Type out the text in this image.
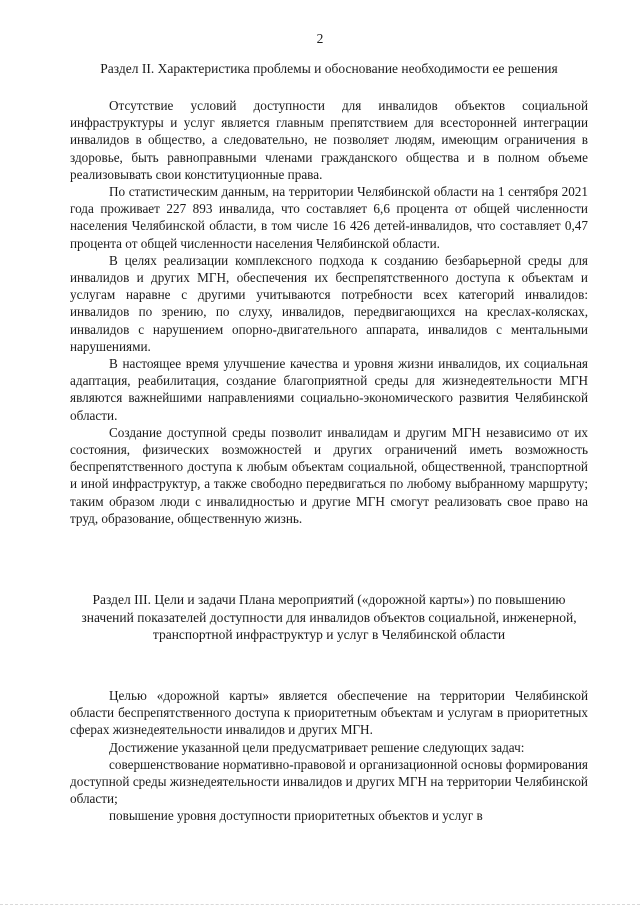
2
Раздел II. Характеристика проблемы и обоснование необходимости ее решения

Отсутствие условий доступности для инвалидов объектов социальной инфраструктуры и услуг является главным препятствием для всесторонней интеграции инвалидов в общество, а следовательно, не позволяет людям, имеющим ограничения в здоровье, быть равноправными членами гражданского общества и в полном объеме реализовывать свои конституционные права.

По статистическим данным, на территории Челябинской области на 1 сентября 2021 года проживает 227 893 инвалида, что составляет 6,6 процента от общей численности населения Челябинской области, в том числе 16 426 детей-инвалидов, что составляет 0,47 процента от общей численности населения Челябинской области.

В целях реализации комплексного подхода к созданию безбарьерной среды для инвалидов и других МГН, обеспечения их беспрепятственного доступа к объектам и услугам наравне с другими учитываются потребности всех категорий инвалидов: инвалидов по зрению, по слуху, инвалидов, передвигающихся на креслах-колясках, инвалидов с нарушением опорно-двигательного аппарата, инвалидов с ментальными нарушениями.

В настоящее время улучшение качества и уровня жизни инвалидов, их социальная адаптация, реабилитация, создание благоприятной среды для жизнедеятельности МГН являются важнейшими направлениями социально-экономического развития Челябинской области.

Создание доступной среды позволит инвалидам и другим МГН независимо от их состояния, физических возможностей и других ограничений иметь возможность беспрепятственного доступа к любым объектам социальной, общественной, транспортной и иной инфраструктур, а также свободно передвигаться по любому выбранному маршруту; таким образом люди с инвалидностью и другие МГН смогут реализовать свое право на труд, образование, общественную жизнь.

Раздел III. Цели и задачи Плана мероприятий («дорожной карты») по повышению значений показателей доступности для инвалидов объектов социальной, инженерной, транспортной инфраструктур и услуг в Челябинской области

Целью «дорожной карты» является обеспечение на территории Челябинской области беспрепятственного доступа к приоритетным объектам и услугам в приоритетных сферах жизнедеятельности инвалидов и других МГН.

Достижение указанной цели предусматривает решение следующих задач:

совершенствование нормативно-правовой и организационной основы формирования доступной среды жизнедеятельности инвалидов и других МГН на территории Челябинской области;

повышение уровня доступности приоритетных объектов и услуг в
